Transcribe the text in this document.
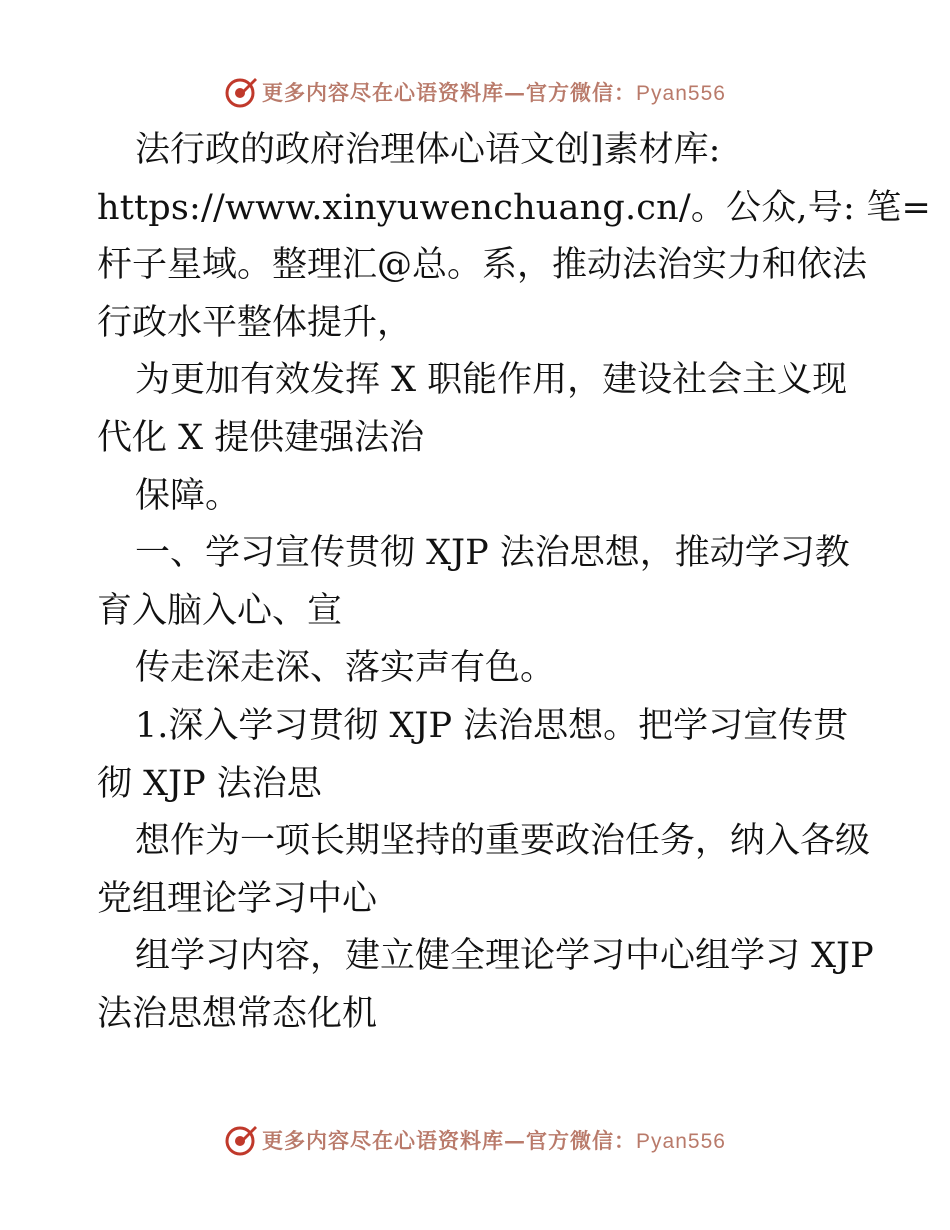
更多内容尽在心语资料库—官方微信：Pyan556
法行政的政府治理体心语文创]素材库:
https://www.xinyuwenchuang.cn/。公众,号: 笔=
杆子星域。整理汇@总。系，推动法治实力和依法
行政水平整体提升，
为更加有效发挥 X 职能作用，建设社会主义现
代化 X 提供建强法治
保障。
一、学习宣传贯彻 XJP 法治思想，推动学习教
育入脑入心、宣
传走深走深、落实声有色。
1.深入学习贯彻 XJP 法治思想。把学习宣传贯
彻 XJP 法治思
想作为一项长期坚持的重要政治任务，纳入各级
党组理论学习中心
组学习内容，建立健全理论学习中心组学习 XJP
法治思想常态化机
更多内容尽在心语资料库—官方微信：Pyan556
